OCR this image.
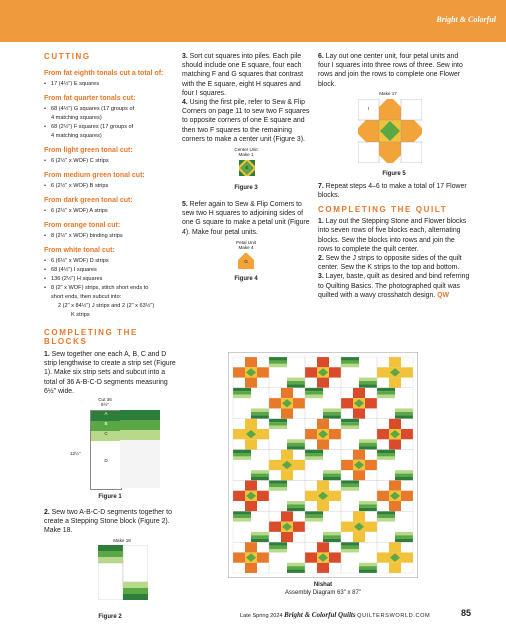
Bright & Colorful
CUTTING
From fat eighth tonals cut a total of:
• 17 (4½") E squares
From fat quarter tonals cut:
• 68 (4½") G squares (17 groups of
4 matching squares)
• 68 (2½") F squares (17 groups of
4 matching squares)
From light green tonal cut:
• 6 (2½" x WOF) C strips
From medium green tonal cut:
• 6 (2½" x WOF) B strips
From dark green tonal cut:
• 6 (2½" x WOF) A strips
From orange tonal cut:
• 8 (2½" x WOF) binding strips
From white tonal cut:
• 6 (6½" x WOF) D strips
• 68 (4½") I squares
• 136 (2½") H squares
• 8 (2" x WOF) strips, stitch short ends to
short ends, then subcut into:
2 (2" x 84½") J strips and 2 (2" x 63½")
K strips
COMPLETING THE BLOCKS

1. Sew together one each A, B, C and D strip lengthwise to create a strip set (Figure 1). Make six strip sets and subcut into a total of 36 A-B-C-D segments measuring 6½" wide.

Cut 36
6½"
12½"
A
B
C
D
Figure 1

2. Sew two A-B-C-D segments together to create a Stepping Stone block (Figure 2). Make 18.

Make 18
Figure 2

3. Sort cut squares into piles. Each pile should include one E square, four each matching F and G squares that contrast with the E square, eight H squares and four I squares.

4. Using the first pile, refer to Sew & Flip Corners on page 11 to sew two F squares to opposite corners of one E square and then two F squares to the remaining corners to make a center unit (Figure 3).

Center Unit
Make 1
E
Figure 3

5. Refer again to Sew & Flip Corners to sew two H squares to adjoining sides of one G square to make a petal unit (Figure 4). Make four petal units.

Petal Unit
Make 4
G
Figure 4

6. Lay out one center unit, four petal units and four I squares into three rows of three. Sew into rows and join the rows to complete one Flower block.

Make 17
I
Figure 5

7. Repeat steps 4–6 to make a total of 17 Flower blocks.

COMPLETING THE QUILT

1. Lay out the Stepping Stone and Flower blocks into seven rows of five blocks each, alternating blocks. Sew the blocks into rows and join the rows to complete the quilt center.

2. Sew the J strips to opposite sides of the quilt center. Sew the K strips to the top and bottom.

3. Layer, baste, quilt as desired and bind referring to Quilting Basics. The photographed quilt was quilted with a wavy crosshatch design. QW

Nishat
Assembly Diagram 63" x 87"
Late Spring 2024 Bright & Colorful Quilts QUILTERSWORLD.COM	85
